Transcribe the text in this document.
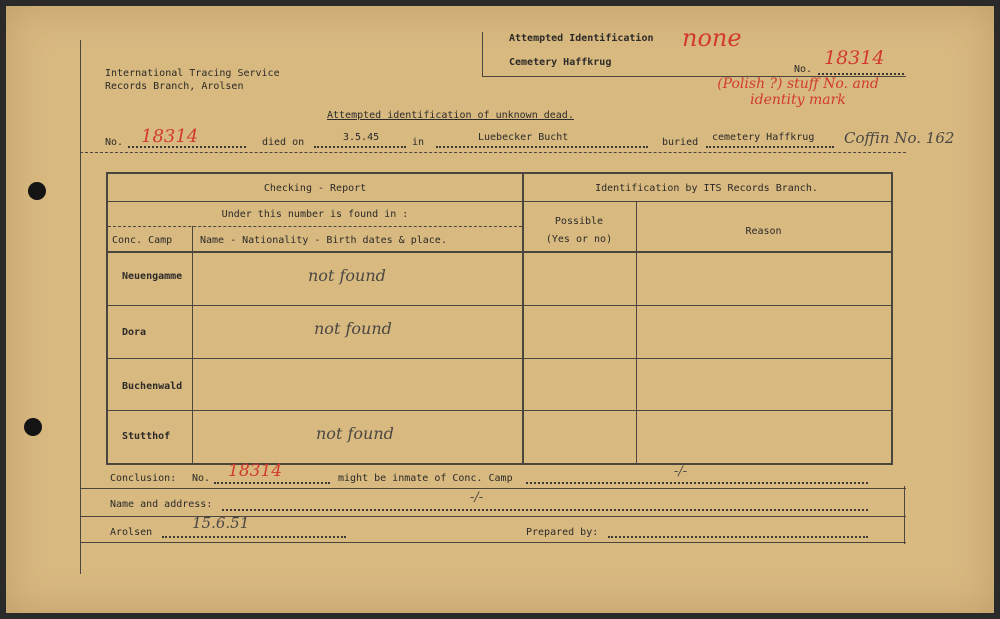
International Tracing Service
Records Branch, Arolsen
Attempted Identification none
Cemetery Haffkrug
No.
18314
(Polish ?) stuff No. and identity mark
Attempted identification of unknown dead.
No. 18314	died on	3.5.45	in	Luebecker Bucht	buried cemetery Haffkrug Coffin No. 162
Checking - Report
Under this number is found in :
Conc. Camp	Name - Nationality - Birth dates & place.
Identification by ITS Records Branch.
Possible
(Yes or no)
Reason
Neuengamme	not found
Dora	not found
Buchenwald
Stutthof	not found
Conclusion: No. 18314	might be inmate of Conc. Camp	-/-
Name and address:	-/-
Arolsen
15.6.51
Prepared by:
